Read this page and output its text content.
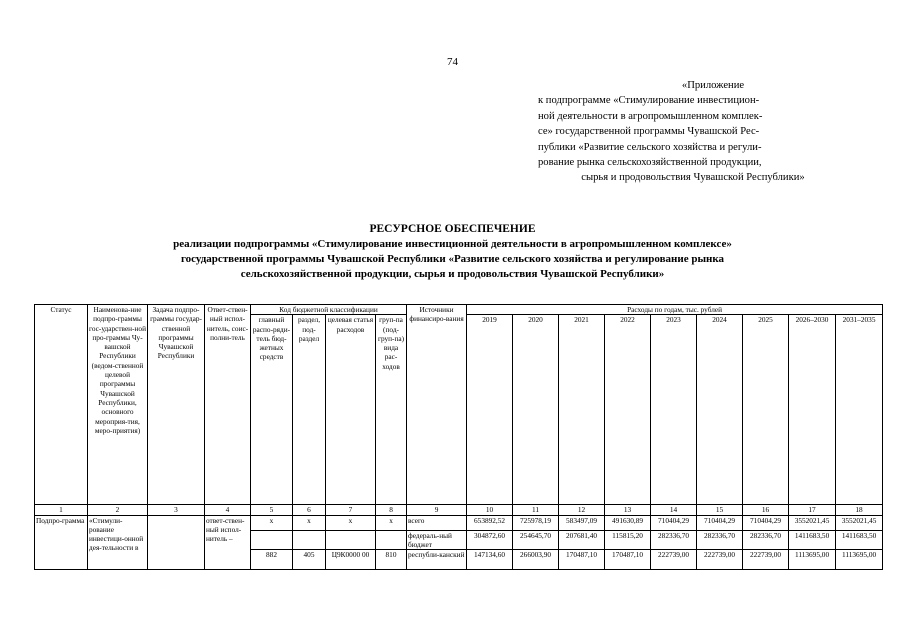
74
«Приложение
к подпрограмме «Стимулирование инвестицион-
ной деятельности в агропромышленном комплек-
се» государственной программы Чувашской Рес-
публики «Развитие сельского хозяйства и регули-
рование рынка сельскохозяйственной продукции,
сырья и продовольствия Чувашской Республики»
РЕСУРСНОЕ ОБЕСПЕЧЕНИЕ
реализации подпрограммы «Стимулирование инвестиционной деятельности в агропромышленном комплексе»
государственной программы Чувашской Республики «Развитие сельского хозяйства и регулирование рынка
сельскохозяйственной продукции, сырья и продовольствия Чувашской Республики»
Статус	Наименова-ние подпро-граммы гос-ударствен-ной про-граммы Чу-вашской Республики (ведом-ственной целевой программы Чувашской Республики, основного мероприя-тия, меро-приятия)	Задача подпро-граммы государ-ственной программы Чувашской Республики	Ответ-ствен-ный испол-нитель, соис-полни-тель	Код бюджетной классификации				Источники финансиро-вания	Расходы по годам, тыс. рублей								
				главный распо-ряди-тель бюд-жетных средств	раздел, под-раздел	целевая статья расходов	груп-па (под-груп-па) вида рас-ходов		2019	2020	2021	2022	2023	2024	2025	2026–2030	2031–2035
1	2	3	4	5	6	7	8	9	10	11	12	13	14	15	16	17	18
Подпро-грамма	«Стимули-рование инвестици-онной дея-тельности в		ответ-ствен-ный испол-нитель –	x	x	x	x	всего	653892,52	725978,19	583497,09	491630,89	710404,29	710404,29	710404,29	3552021,45	3552021,45
								федераль-ный бюджет	304872,60	254645,70	207681,40	115815,20	282336,70	282336,70	282336,70	1411683,50	1411683,50
				882	405	Ц9К0000 00	810	республи-канский	147134,60	266003,90	170487,10	170487,10	222739,00	222739,00	222739,00	1113695,00	1113695,00
